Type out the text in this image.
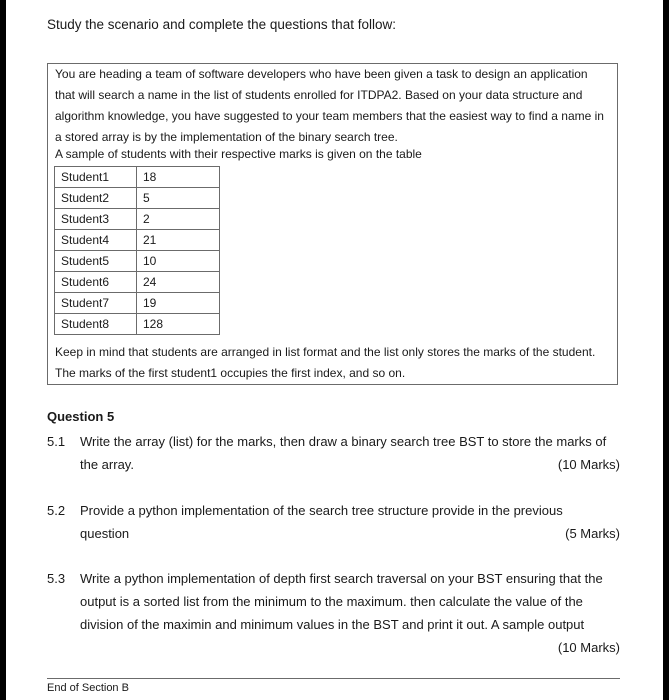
Study the scenario and complete the questions that follow:
You are heading a team of software developers who have been given a task to design an application
that will search a name in the list of students enrolled for ITDPA2. Based on your data structure and
algorithm knowledge, you have suggested to your team members that the easiest way to find a name in
a stored array is by the implementation of the binary search tree.
A sample of students with their respective marks is given on the table
Student1	18
Student2	5
Student3	2
Student4	21
Student5	10
Student6	24
Student7	19
Student8	128
Keep in mind that students are arranged in list format and the list only stores the marks of the student.
The marks of the first student1 occupies the first index, and so on.
Question 5
5.1 Write the array (list) for the marks, then draw a binary search tree BST to store the marks of
the array.	(10 Marks)
5.2 Provide a python implementation of the search tree structure provide in the previous
question	(5 Marks)
5.3 Write a python implementation of depth first search traversal on your BST ensuring that the
output is a sorted list from the minimum to the maximum. then calculate the value of the
division of the maximin and minimum values in the BST and print it out. A sample output
(10 Marks)
End of Section B
